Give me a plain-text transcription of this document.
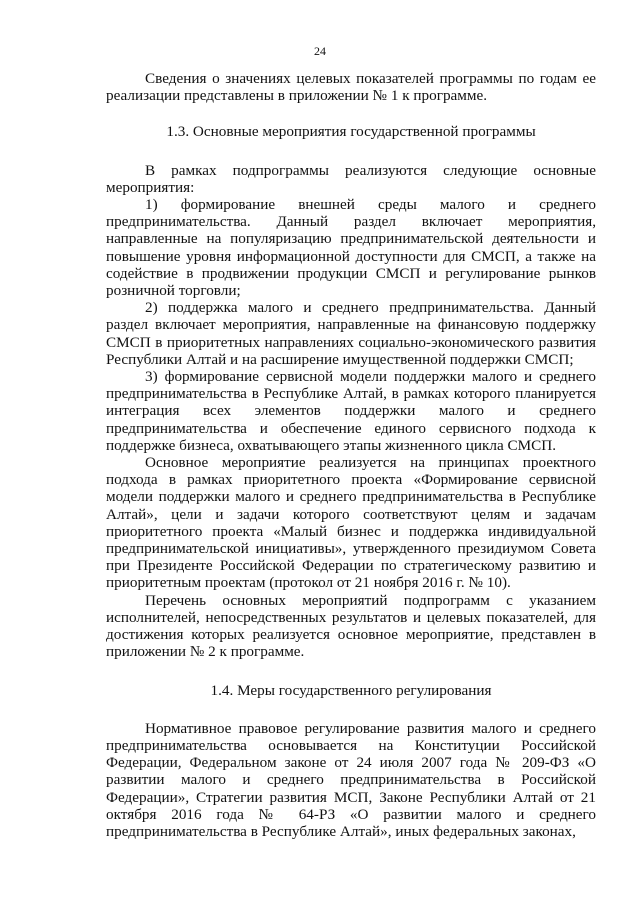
24

Сведения о значениях целевых показателей программы по годам ее реализации представлены в приложении № 1 к программе.

1.3. Основные мероприятия государственной программы

В рамках подпрограммы реализуются следующие основные мероприятия:

1) формирование внешней среды малого и среднего предпринимательства. Данный раздел включает мероприятия, направленные на популяризацию предпринимательской деятельности и повышение уровня информационной доступности для СМСП, а также на содействие в продвижении продукции СМСП и регулирование рынков розничной торговли;

2) поддержка малого и среднего предпринимательства. Данный раздел включает мероприятия, направленные на финансовую поддержку СМСП в приоритетных направлениях социально-экономического развития Республики Алтай и на расширение имущественной поддержки СМСП;

3) формирование сервисной модели поддержки малого и среднего предпринимательства в Республике Алтай, в рамках которого планируется интеграция всех элементов поддержки малого и среднего предпринимательства и обеспечение единого сервисного подхода к поддержке бизнеса, охватывающего этапы жизненного цикла СМСП.

Основное мероприятие реализуется на принципах проектного подхода в рамках приоритетного проекта «Формирование сервисной модели поддержки малого и среднего предпринимательства в Республике Алтай», цели и задачи которого соответствуют целям и задачам приоритетного проекта «Малый бизнес и поддержка индивидуальной предпринимательской инициативы», утвержденного президиумом Совета при Президенте Российской Федерации по стратегическому развитию и приоритетным проектам (протокол от 21 ноября 2016 г. № 10).

Перечень основных мероприятий подпрограмм с указанием исполнителей, непосредственных результатов и целевых показателей, для достижения которых реализуется основное мероприятие, представлен в приложении № 2 к программе.

1.4. Меры государственного регулирования

Нормативное правовое регулирование развития малого и среднего предпринимательства основывается на Конституции Российской Федерации, Федеральном законе от 24 июля 2007 года № 209-ФЗ «О развитии малого и среднего предпринимательства в Российской Федерации», Стратегии развития МСП, Законе Республики Алтай от 21 октября 2016 года № 64-РЗ «О развитии малого и среднего предпринимательства в Республике Алтай», иных федеральных законах,
